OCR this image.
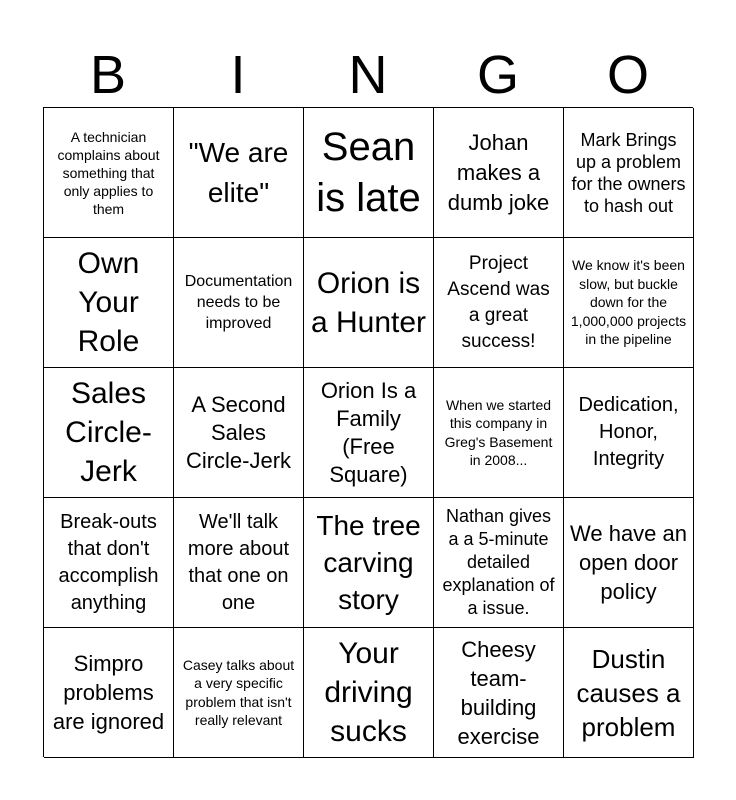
B	I	N	G	O
A technician complains about something that only applies to them
"We are elite"
Sean is late
Johan makes a dumb joke
Mark Brings up a problem for the owners to hash out
Own Your Role
Documentation needs to be improved
Orion is a Hunter
Project Ascend was a great success!
We know it's been slow, but buckle down for the 1,000,000 projects in the pipeline
Sales Circle-Jerk
A Second Sales Circle-Jerk
Orion Is a Family (Free Square)
When we started this company in Greg's Basement in 2008...
Dedication, Honor, Integrity
Break-outs that don't accomplish anything
We'll talk more about that one on one
The tree carving story
Nathan gives a a 5-minute detailed explanation of a issue.
We have an open door policy
Simpro problems are ignored
Casey talks about a very specific problem that isn't really relevant
Your driving sucks
Cheesy team-building exercise
Dustin causes a problem
